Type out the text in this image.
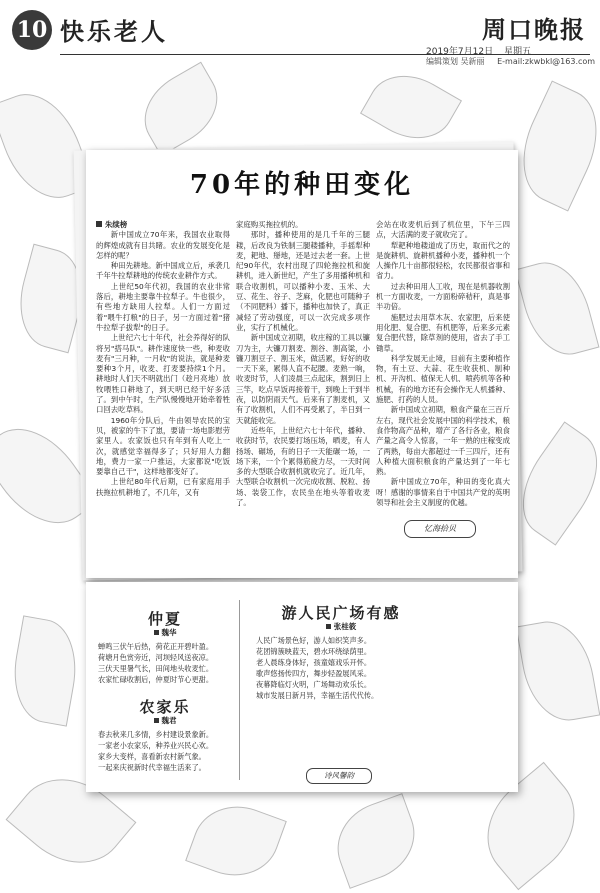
10 快乐老人	周口晚报
2019年7月12日 星期五
编辑策划 吴新丽 E-mail:zkwbkl@163.com
70年的种田变化

朱续榜

新中国成立70年来，我国农业取得的辉煌成就有目共睹。农业的发展变化是怎样的呢？

种田先耕地。新中国成立后，承袭几千年牛拉犁耕地的传统农业耕作方式。

上世纪50年代初，我国的农业非常落后，耕地主要靠牛拉犁子。牛也很少，有些地方缺用人拉犁。人们一方面过着"喂牛打粮"的日子，另一方面过着"猪牛拉犁子拔犁"的日子。

上世纪六七十年代，社会养得好的队将另"搭马队"。耕作速度快一些，种麦收麦有"三月种，一月收"的说法，就是种麦要种3个月，收麦、打麦要持续1个月。耕地时人们天不明就出门（趁月亮地）放牧喂牲口耕地了，到天明已经干好多活了。到中午时，生产队慢慢地开始牵着牲口回去吃草料。

1960年分队后，牛由领导农民的宝贝，被家的牛下了崽，要请一场电影慰劳家里人。农家饭也只有年到有人吃上一次，就感觉幸福得多了；只好用人力翻地，费力一家一户推运，大家都说"吃饭要靠自己干"，这样地都变好了。

上世纪80年代后期，已有家庭用手扶拖拉机耕地了，不几年，又有

家庭购买拖拉机的。

那时，播种使用的是几千年的三腿耧，后改良为铁制三腿耧播种，手摇犁种麦，耙地、掰地，还是过去老一套。上世纪90年代，农村出现了四轮拖拉机和旋耕机，进入新世纪，产生了多用播种机和联合收割机，可以播种小麦、玉米、大豆、花生、谷子、芝麻，化肥也可随种子（不同肥料）播下，播种也加快了，真正减轻了劳动强度，可以一次完成多项作业，实行了机械化。

新中国成立初期，收庄稼的工具以镰刀为主，大镰刀割麦、割谷、割高粱，小镰刀割豆子、割玉米，做活累，好好的收一天下来，累得人直不起腰。麦熟一晌，收麦时节，人们凌晨三点起床，割到日上三竿，吃点早饭再接着干，到晚上干到半夜，以防阴雨天气。后来有了割麦机，又有了收割机，人们不再受累了，半日到一天就能收完。

近些年，上世纪六七十年代，播种、收获时节，农民要打场压场，晒麦，有人扬场、碾场，有的日子一天能碾一场，一场下来，一个个累得筋疲力尽，一天时间多的大型联合收割机就收完了。近几年，大型联合收割机一次完成收割、脱粒、扬场、装袋工作，农民坐在地头等着收麦了。

会站在收麦机后到了机位里，下午三四点，大活满的麦子就收完了。

犁耙种地耧道成了历史，取而代之的是旋耕机、旋耕机播种小麦，播种机一个人操作几十亩都很轻松，农民都很省事和省力。

过去种田用人工收，现在是机器收割机一方面收麦，一方面粉碎秸秆，真是事半功倍。

施肥过去用草木灰、农家肥，后来使用化肥、复合肥、有机肥等，后来多元素复合肥代替，除草剂的使用，省去了手工锄草。

科学发展无止境，目前有主要种植作物，有土豆、大蒜、花生收获机、制种机、开沟机、植保无人机、喷药机等各种机械，有的地方还有会操作无人机播种、施肥、打药的人员。

新中国成立初期，粮食产量在三百斤左右，现代社会发展中国的科学技术，粮食作物高产品种，增产了各行各业，粮食产量之高令人惊喜，一年一熟的庄稼变成了两熟，每亩大都超过一千三四斤，还有人种植大面积粮食的产量达到了一年七熟。

新中国成立70年，种田的变化真大呀！感谢的事情来自于中国共产党的英明领导和社会主义制度的优越。

忆海拾贝
仲夏
魏华
蝉鸣三伏午后热，荷花正开碧叶盈。
荷塘月色赏旁近，河坝轻风送夜凉。
三伏天里暑气长，田间地头收麦忙。
农家忙碌收割后，仲夏时节心更甜。
农家乐
魏君
春去秋来几多情，乡村建设景象新。
一家老小农家乐，种养业兴民心欢。
家乡大变样，喜看新农村新气象。
一起来庆祝新时代幸福生活来了。
游人民广场有感
张桂筱
人民广场景色好，游人如织笑声多。
花团锦簇映蓝天，碧水环绕绿荫里。
老人晨练身体好，孩童嬉戏乐开怀。
歌声悠扬传四方，舞步轻盈展风采。
夜幕降临灯火明，广场舞动欢乐长。
城市发展日新月异，幸福生活代代传。
诗风馨韵
